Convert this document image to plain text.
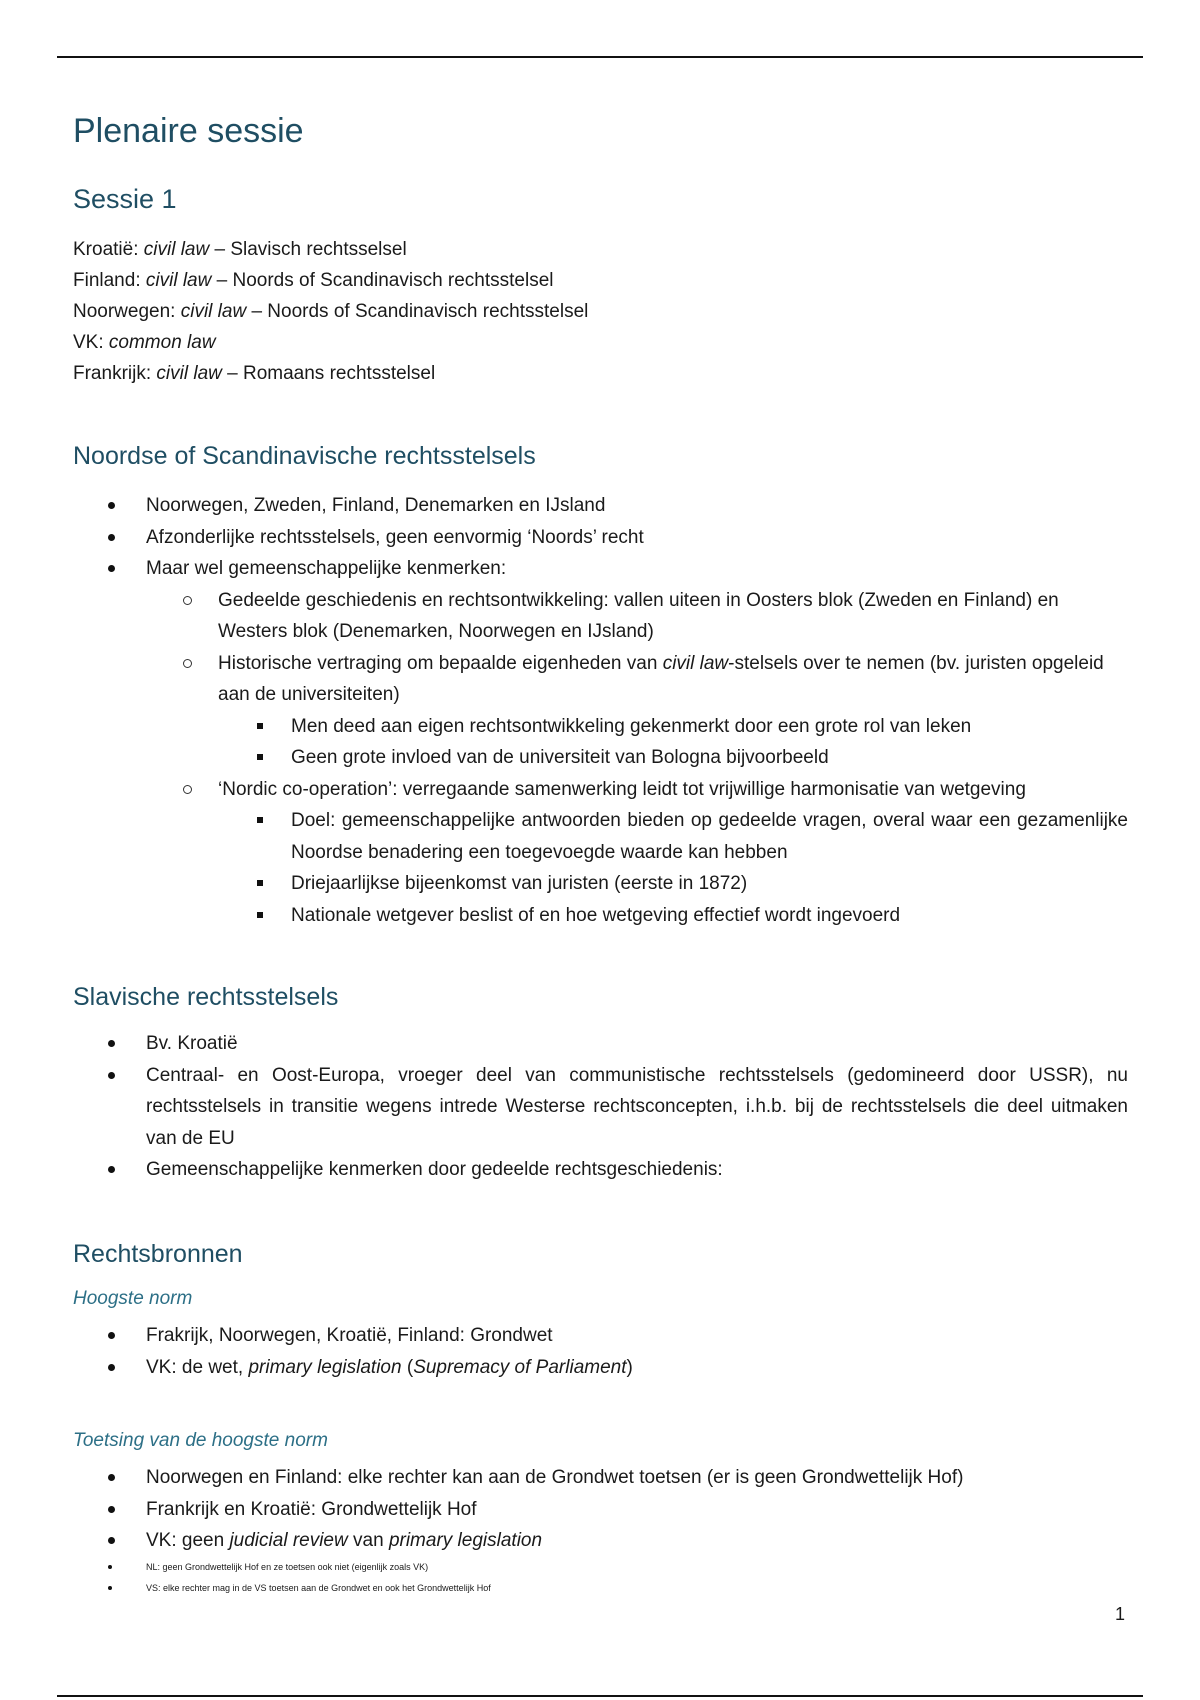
Plenaire sessie
Sessie 1
Kroatië: civil law – Slavisch rechtsselsel
Finland: civil law – Noords of Scandinavisch rechtsstelsel
Noorwegen: civil law – Noords of Scandinavisch rechtsstelsel
VK: common law
Frankrijk: civil law – Romaans rechtsstelsel
Noordse of Scandinavische rechtsstelsels
Noorwegen, Zweden, Finland, Denemarken en IJsland
Afzonderlijke rechtsstelsels, geen eenvormig ‘Noords’ recht
Maar wel gemeenschappelijke kenmerken:
Gedeelde geschiedenis en rechtsontwikkeling: vallen uiteen in Oosters blok (Zweden en Finland) en Westers blok (Denemarken, Noorwegen en IJsland)
Historische vertraging om bepaalde eigenheden van civil law-stelsels over te nemen (bv. juristen opgeleid aan de universiteiten)
Men deed aan eigen rechtsontwikkeling gekenmerkt door een grote rol van leken
Geen grote invloed van de universiteit van Bologna bijvoorbeeld
‘Nordic co-operation’: verregaande samenwerking leidt tot vrijwillige harmonisatie van wetgeving
Doel: gemeenschappelijke antwoorden bieden op gedeelde vragen, overal waar een gezamenlijke Noordse benadering een toegevoegde waarde kan hebben
Driejaarlijkse bijeenkomst van juristen (eerste in 1872)
Nationale wetgever beslist of en hoe wetgeving effectief wordt ingevoerd
Slavische rechtsstelsels
Bv. Kroatië
Centraal- en Oost-Europa, vroeger deel van communistische rechtsstelsels (gedomineerd door USSR), nu rechtsstelsels in transitie wegens intrede Westerse rechtsconcepten, i.h.b. bij de rechtsstelsels die deel uitmaken van de EU
Gemeenschappelijke kenmerken door gedeelde rechtsgeschiedenis:
Rechtsbronnen
Hoogste norm
Frakrijk, Noorwegen, Kroatië, Finland: Grondwet
VK: de wet, primary legislation (Supremacy of Parliament)
Toetsing van de hoogste norm
Noorwegen en Finland: elke rechter kan aan de Grondwet toetsen (er is geen Grondwettelijk Hof)
Frankrijk en Kroatië: Grondwettelijk Hof
VK: geen judicial review van primary legislation
NL: geen Grondwettelijk Hof en ze toetsen ook niet (eigenlijk zoals VK)
VS: elke rechter mag in de VS toetsen aan de Grondwet en ook het Grondwettelijk Hof
1
